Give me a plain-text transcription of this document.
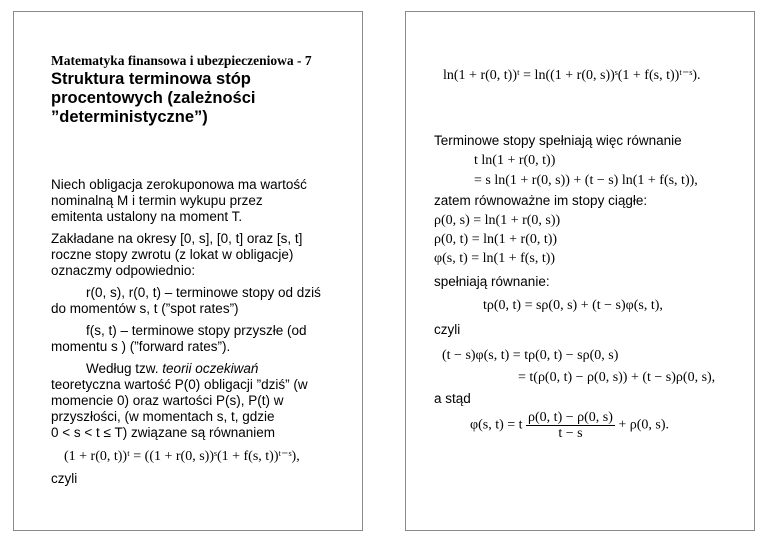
Matematyka finansowa i ubezpieczeniowa - 7
Struktura terminowa stóp
procentowych (zależności
”deterministyczne”)
Niech obligacja zerokuponowa ma wartość
nominalną M i termin wykupu przez
emitenta ustalony na moment T.
Zakładane na okresy [0, s], [0, t] oraz [s, t]
roczne stopy zwrotu (z lokat w obligacje)
oznaczmy odpowiednio:
r(0, s), r(0, t) – terminowe stopy od dziś
do momentów s, t (”spot rates”)
f(s, t) – terminowe stopy przyszłe (od
momentu s ) (”forward rates”).
Według tzw. teorii oczekiwań
teoretyczna wartość P(0) obligacji ”dziś” (w
momencie 0) oraz wartości P(s), P(t) w
przyszłości, (w momentach s, t, gdzie
0 < s < t ≤ T) związane są równaniem
(1 + r(0, t))ᵗ = ((1 + r(0, s))ˢ(1 + f(s, t))ᵗ⁻ˢ),
czyli
ln(1 + r(0, t))ᵗ = ln((1 + r(0, s))ˢ(1 + f(s, t))ᵗ⁻ˢ).
Terminowe stopy spełniają więc równanie
t ln(1 + r(0, t))
= s ln(1 + r(0, s)) + (t − s) ln(1 + f(s, t)),
zatem równoważne im stopy ciągłe:
ρ(0, s) = ln(1 + r(0, s))
ρ(0, t) = ln(1 + r(0, t))
φ(s, t) = ln(1 + f(s, t))
spełniają równanie:
tρ(0, t) = sρ(0, s) + (t − s)φ(s, t),
czyli
(t − s)φ(s, t) = tρ(0, t) − sρ(0, s)
= t(ρ(0, t) − ρ(0, s)) + (t − s)ρ(0, s),
a stąd
φ(s, t) = t $\frac{\rho(0, t) - \rho(0, s)}{t - s} + \rho(0$, s).
